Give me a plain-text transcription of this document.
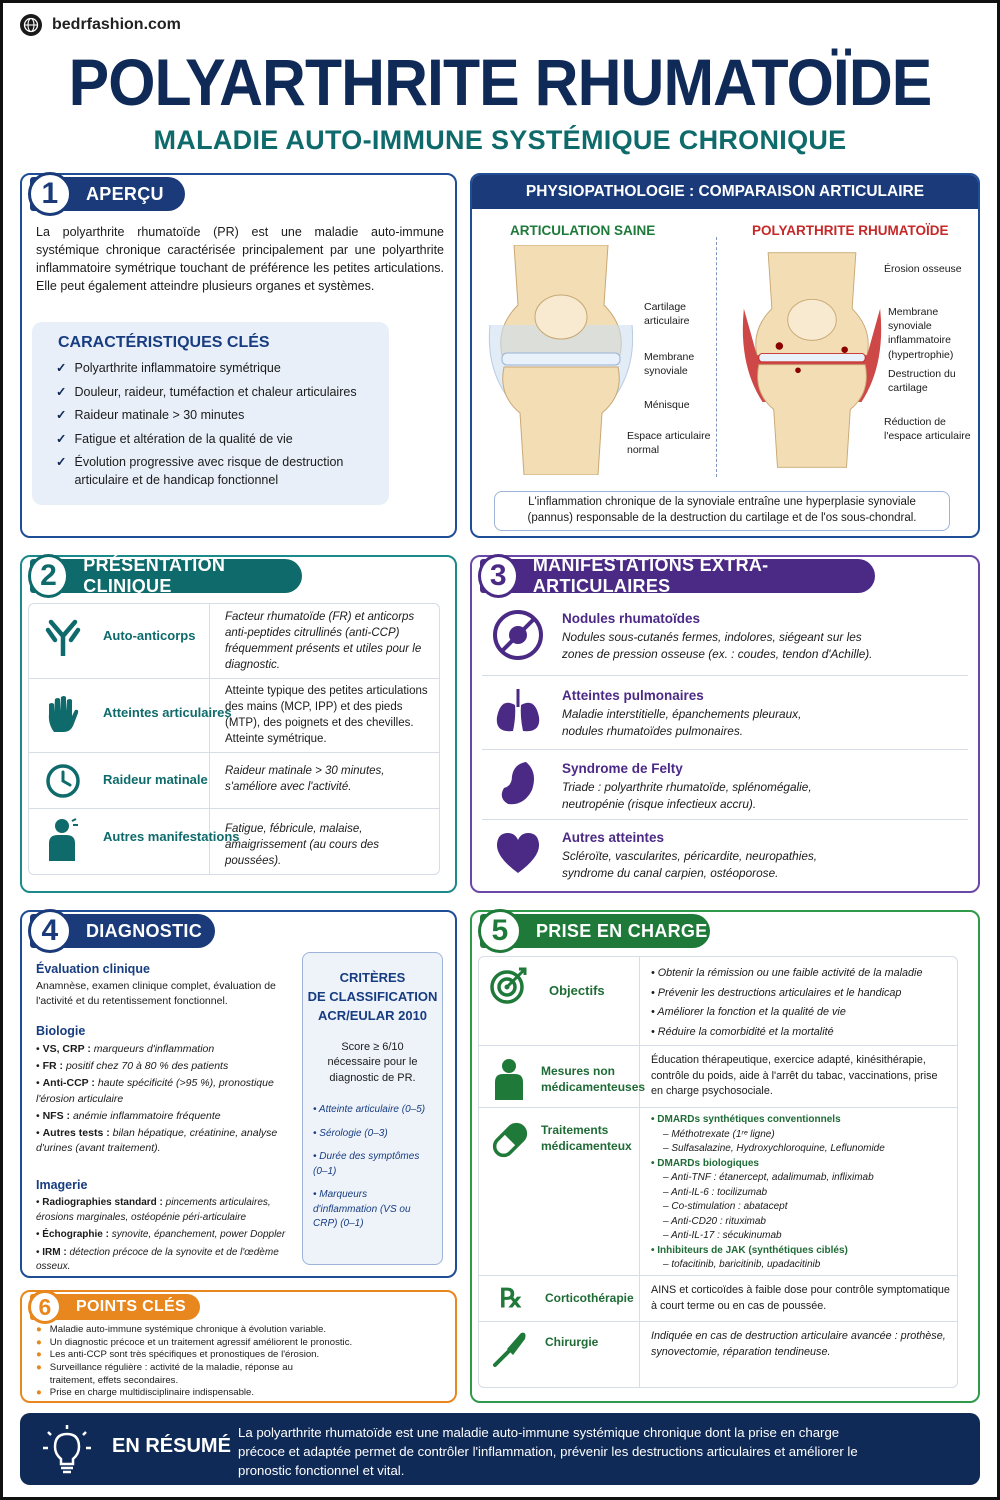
bedrfashion.com
POLYARTHRITE RHUMATOÏDE
MALADIE AUTO-IMMUNE SYSTÉMIQUE CHRONIQUE
1	APERÇU

La polyarthrite rhumatoïde (PR) est une maladie auto-immune systémique chronique caractérisée principalement par une polyarthrite inflammatoire symétrique touchant de préférence les petites articulations. Elle peut également atteindre plusieurs organes et systèmes.

CARACTÉRISTIQUES CLÉS
✓ Polyarthrite inflammatoire symétrique
✓ Douleur, raideur, tuméfaction et chaleur articulaires
✓ Raideur matinale > 30 minutes
✓ Fatigue et altération de la qualité de vie
✓ Évolution progressive avec risque de destruction articulaire et de handicap fonctionnel
PHYSIOPATHOLOGIE : COMPARAISON ARTICULAIRE
ARTICULATION SAINE	POLYARTHRITE RHUMATOÏDE
Cartilage articulaire
Membrane synoviale
Ménisque
Espace articulaire normal
Érosion osseuse
Membrane synoviale inflammatoire (hypertrophie)
Destruction du cartilage
Réduction de l'espace articulaire
L'inflammation chronique de la synoviale entraîne une hyperplasie synoviale (pannus) responsable de la destruction du cartilage et de l'os sous-chondral.
2	PRÉSENTATION CLINIQUE
Auto-anticorps
Facteur rhumatoïde (FR) et anticorps anti-peptides citrullinés (anti-CCP) fréquemment présents et utiles pour le diagnostic.
Atteintes articulaires
Atteinte typique des petites articulations des mains (MCP, IPP) et des pieds (MTP), des poignets et des chevilles. Atteinte symétrique.
Raideur matinale
Raideur matinale > 30 minutes, s'améliore avec l'activité.
Autres manifestations
Fatigue, fébricule, malaise, amaigrissement (au cours des poussées).
3	MANIFESTATIONS EXTRA-ARTICULAIRES
Nodules rhumatoïdes
Nodules sous-cutanés fermes, indolores, siégeant sur les zones de pression osseuse (ex. : coudes, tendon d'Achille).
Atteintes pulmonaires
Maladie interstitielle, épanchements pleuraux, nodules rhumatoïdes pulmonaires.
Syndrome de Felty
Triade : polyarthrite rhumatoïde, splénomégalie, neutropénie (risque infectieux accru).
Autres atteintes
Scléroïte, vascularites, péricardite, neuropathies, syndrome du canal carpien, ostéoporose.
4	DIAGNOSTIC
Évaluation clinique
Anamnèse, examen clinique complet, évaluation de l'activité et du retentissement fonctionnel.
Biologie
• VS, CRP : marqueurs d'inflammation
• FR : positif chez 70 à 80 % des patients
• Anti-CCP : haute spécificité (>95 %), pronostique l'érosion articulaire
• NFS : anémie inflammatoire fréquente
• Autres tests : bilan hépatique, créatinine, analyse d'urines (avant traitement).
Imagerie
• Radiographies standard : pincements articulaires, érosions marginales, ostéopénie péri-articulaire
• Échographie : synovite, épanchement, power Doppler
• IRM : détection précoce de la synovite et de l'œdème osseux.
CRITÈRES
DE CLASSIFICATION
ACR/EULAR 2010
Score ≥ 6/10 nécessaire pour le diagnostic de PR.
• Atteinte articulaire (0–5)
• Sérologie (0–3)
• Durée des symptômes (0–1)
• Marqueurs d'inflammation (VS ou CRP) (0–1)
5	PRISE EN CHARGE
Objectifs
• Obtenir la rémission ou une faible activité de la maladie
• Prévenir les destructions articulaires et le handicap
• Améliorer la fonction et la qualité de vie
• Réduire la comorbidité et la mortalité
Mesures non
médicamenteuses
Éducation thérapeutique, exercice adapté, kinésithérapie, contrôle du poids, aide à l'arrêt du tabac, vaccinations, prise en charge psychosociale.
Traitements
médicamenteux
• DMARDs synthétiques conventionnels
– Méthotrexate (1ʳᵉ ligne)
– Sulfasalazine, Hydroxychloroquine, Leflunomide
• DMARDs biologiques
– Anti-TNF : étanercept, adalimumab, infliximab
– Anti-IL-6 : tocilizumab
– Co-stimulation : abatacept
– Anti-CD20 : rituximab
– Anti-IL-17 : sécukinumab
• Inhibiteurs de JAK (synthétiques ciblés)
– tofacitinib, baricitinib, upadacitinib
℞	Corticothérapie
AINS et corticoïdes à faible dose pour contrôle symptomatique à court terme ou en cas de poussée.
Chirurgie	Indiquée en cas de destruction articulaire avancée : prothèse, synovectomie, réparation tendineuse.
6	POINTS CLÉS
● Maladie auto-immune systémique chronique à évolution variable.
● Un diagnostic précoce et un traitement agressif améliorent le pronostic.
● Les anti-CCP sont très spécifiques et pronostiques de l'érosion.
● Surveillance régulière : activité de la maladie, réponse au traitement, effets secondaires.
● Prise en charge multidisciplinaire indispensable.
EN RÉSUMÉ
La polyarthrite rhumatoïde est une maladie auto-immune systémique chronique dont la prise en charge précoce et adaptée permet de contrôler l'inflammation, prévenir les destructions articulaires et améliorer le pronostic fonctionnel et vital.
